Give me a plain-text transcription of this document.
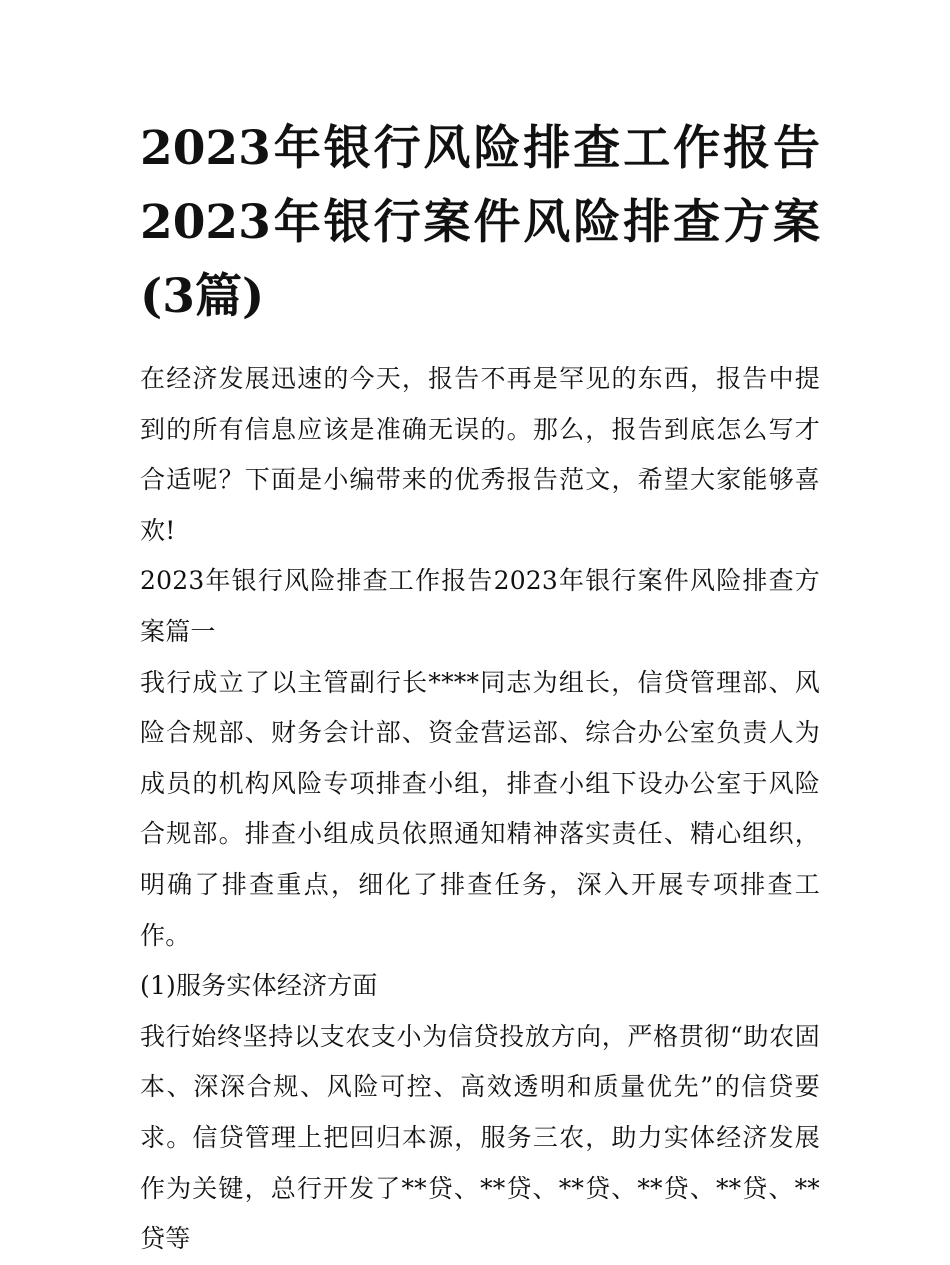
2023年银行风险排查工作报告2023年银行案件风险排查方案(3篇)

在经济发展迅速的今天，报告不再是罕见的东西，报告中提到的所有信息应该是准确无误的。那么，报告到底怎么写才合适呢？下面是小编带来的优秀报告范文，希望大家能够喜欢!

2023年银行风险排查工作报告2023年银行案件风险排查方案篇一

我行成立了以主管副行长****同志为组长，信贷管理部、风险合规部、财务会计部、资金营运部、综合办公室负责人为成员的机构风险专项排查小组，排查小组下设办公室于风险合规部。排查小组成员依照通知精神落实责任、精心组织，明确了排查重点，细化了排查任务，深入开展专项排查工作。

(1)服务实体经济方面

我行始终坚持以支农支小为信贷投放方向，严格贯彻“助农固本、深深合规、风险可控、高效透明和质量优先”的信贷要求。信贷管理上把回归本源，服务三农，助力实体经济发展作为关键，总行开发了**贷、**贷、**贷、**贷、**贷、**贷等
